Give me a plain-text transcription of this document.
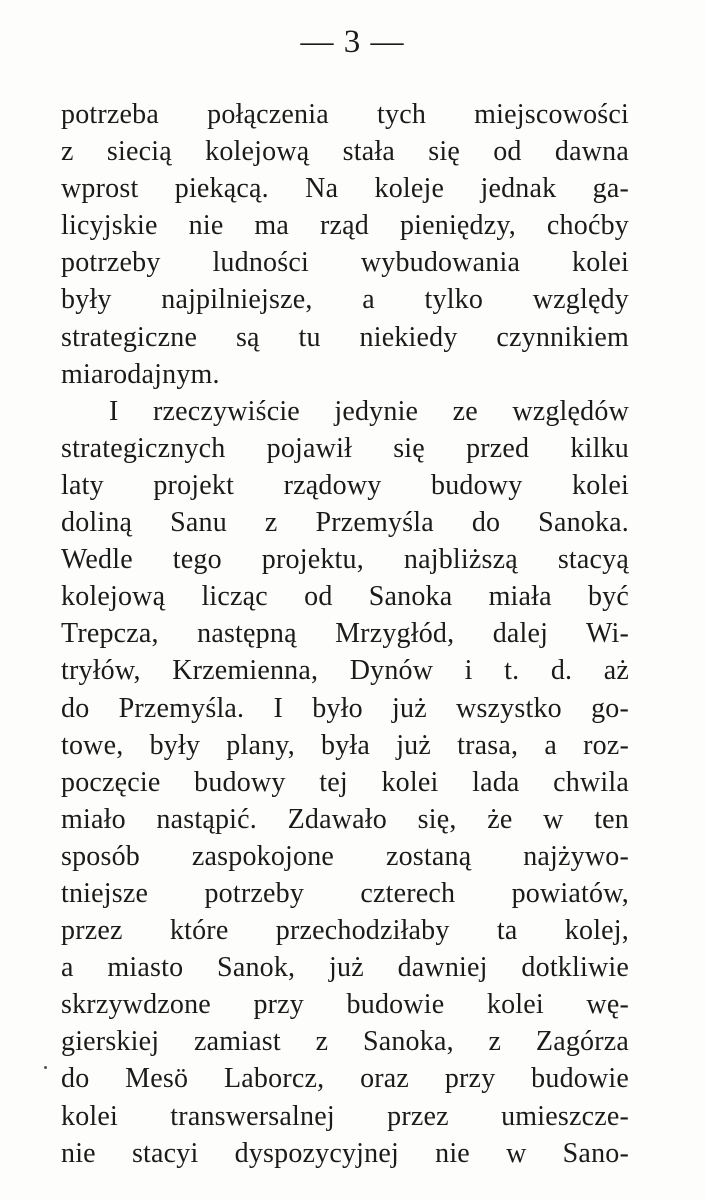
— 3 —
potrzeba połączenia tych miejscowości
z siecią kolejową stała się od dawna
wprost piekącą. Na koleje jednak ga-
licyjskie nie ma rząd pieniędzy, choćby
potrzeby ludności wybudowania kolei
były najpilniejsze, a tylko względy
strategiczne są tu niekiedy czynnikiem
miarodajnym.
I rzeczywiście jedynie ze względów
strategicznych pojawił się przed kilku
laty projekt rządowy budowy kolei
doliną Sanu z Przemyśla do Sanoka.
Wedle tego projektu, najbliższą stacyą
kolejową licząc od Sanoka miała być
Trepcza, następną Mrzygłód, dalej Wi-
tryłów, Krzemienna, Dynów i t. d. aż
do Przemyśla. I było już wszystko go-
towe, były plany, była już trasa, a roz-
poczęcie budowy tej kolei lada chwila
miało nastąpić. Zdawało się, że w ten
sposób zaspokojone zostaną najżywo-
tniejsze potrzeby czterech powiatów,
przez które przechodziłaby ta kolej,
a miasto Sanok, już dawniej dotkliwie
skrzywdzone przy budowie kolei wę-
gierskiej zamiast z Sanoka, z Zagórza
do Mesö Laborcz, oraz przy budowie
kolei transwersalnej przez umieszcze-
nie stacyi dyspozycyjnej nie w Sano-
